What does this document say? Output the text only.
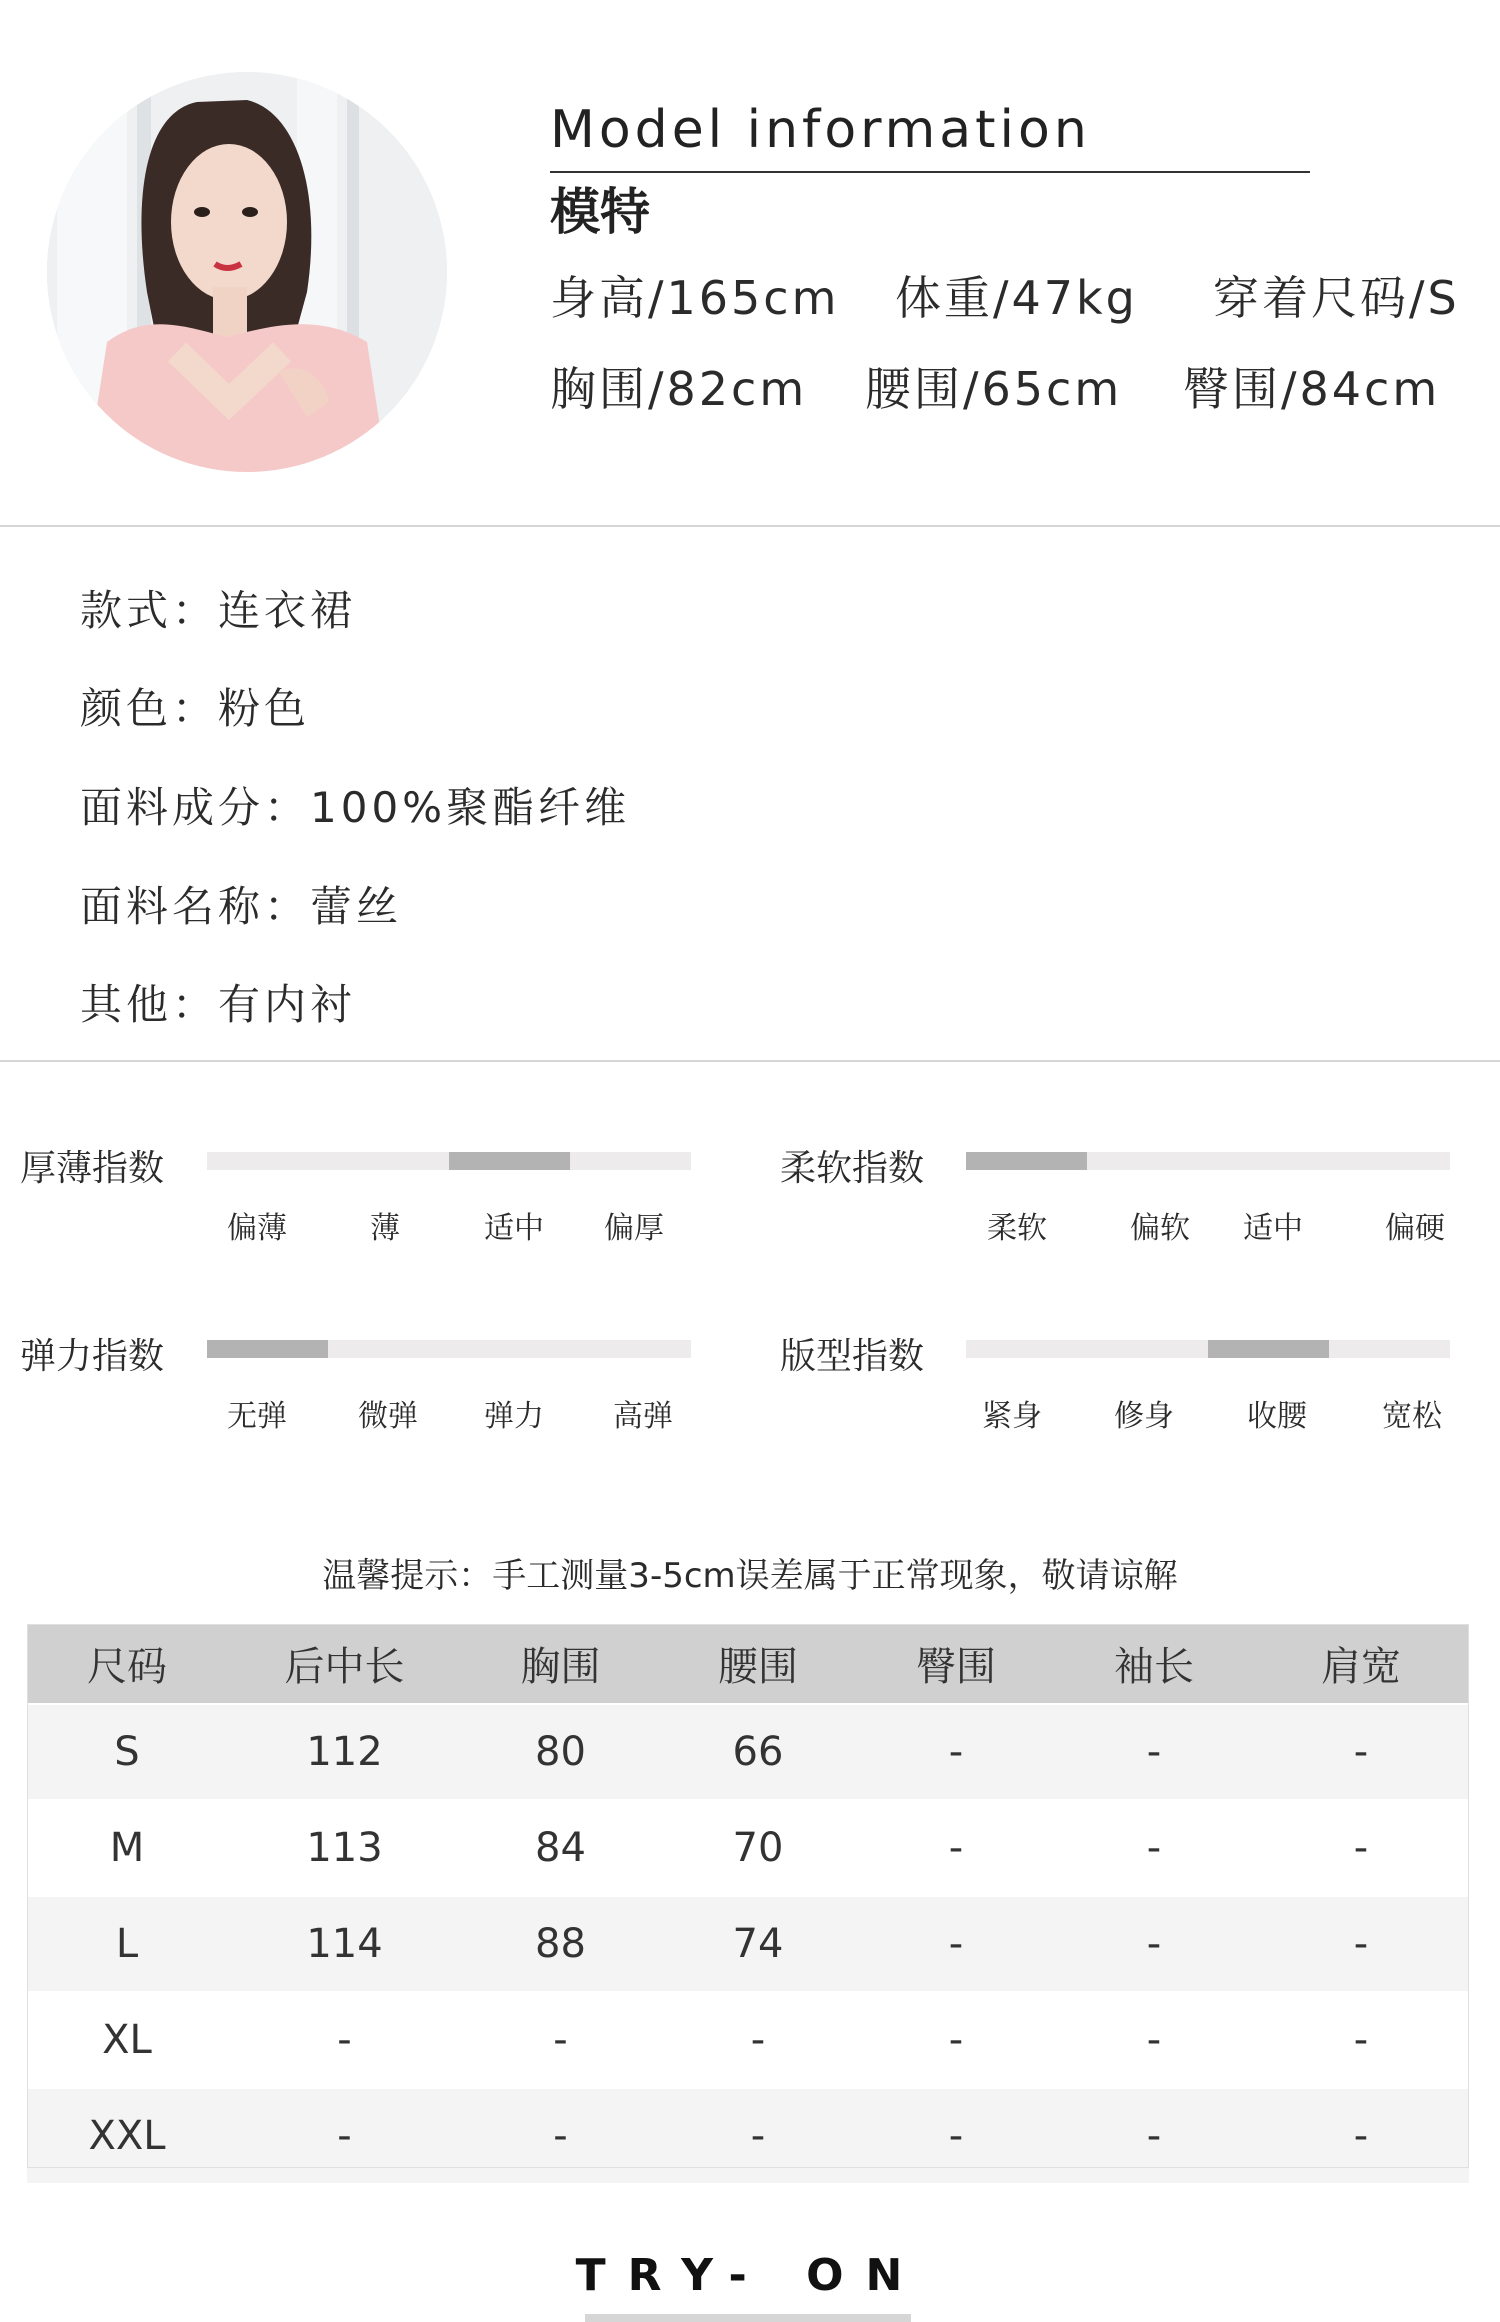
Model information
模特
身高/165cm 体重/47kg 穿着尺码/S
胸围/82cm 腰围/65cm 臀围/84cm
款式：连衣裙
颜色：粉色
面料成分：100%聚酯纤维
面料名称：蕾丝
其他：有内衬
厚薄指数
偏薄	薄	适中 偏厚
柔软指数
柔软	偏软 适中	偏硬
弹力指数
无弹 微弹 弹力 高弹
版型指数
紧身 修身 收腰	宽松
温馨提示：手工测量3-5cm误差属于正常现象，敬请谅解
尺码	后中长	胸围	腰围	臀围	袖长	肩宽
S	112	80	66	-	-	-
M	113	84	70	-	-	-
L	114	88	74	-	-	-
XL	-	-	-	-	-	-
XXL	-	-	-	-	-	-
TRY- ON
